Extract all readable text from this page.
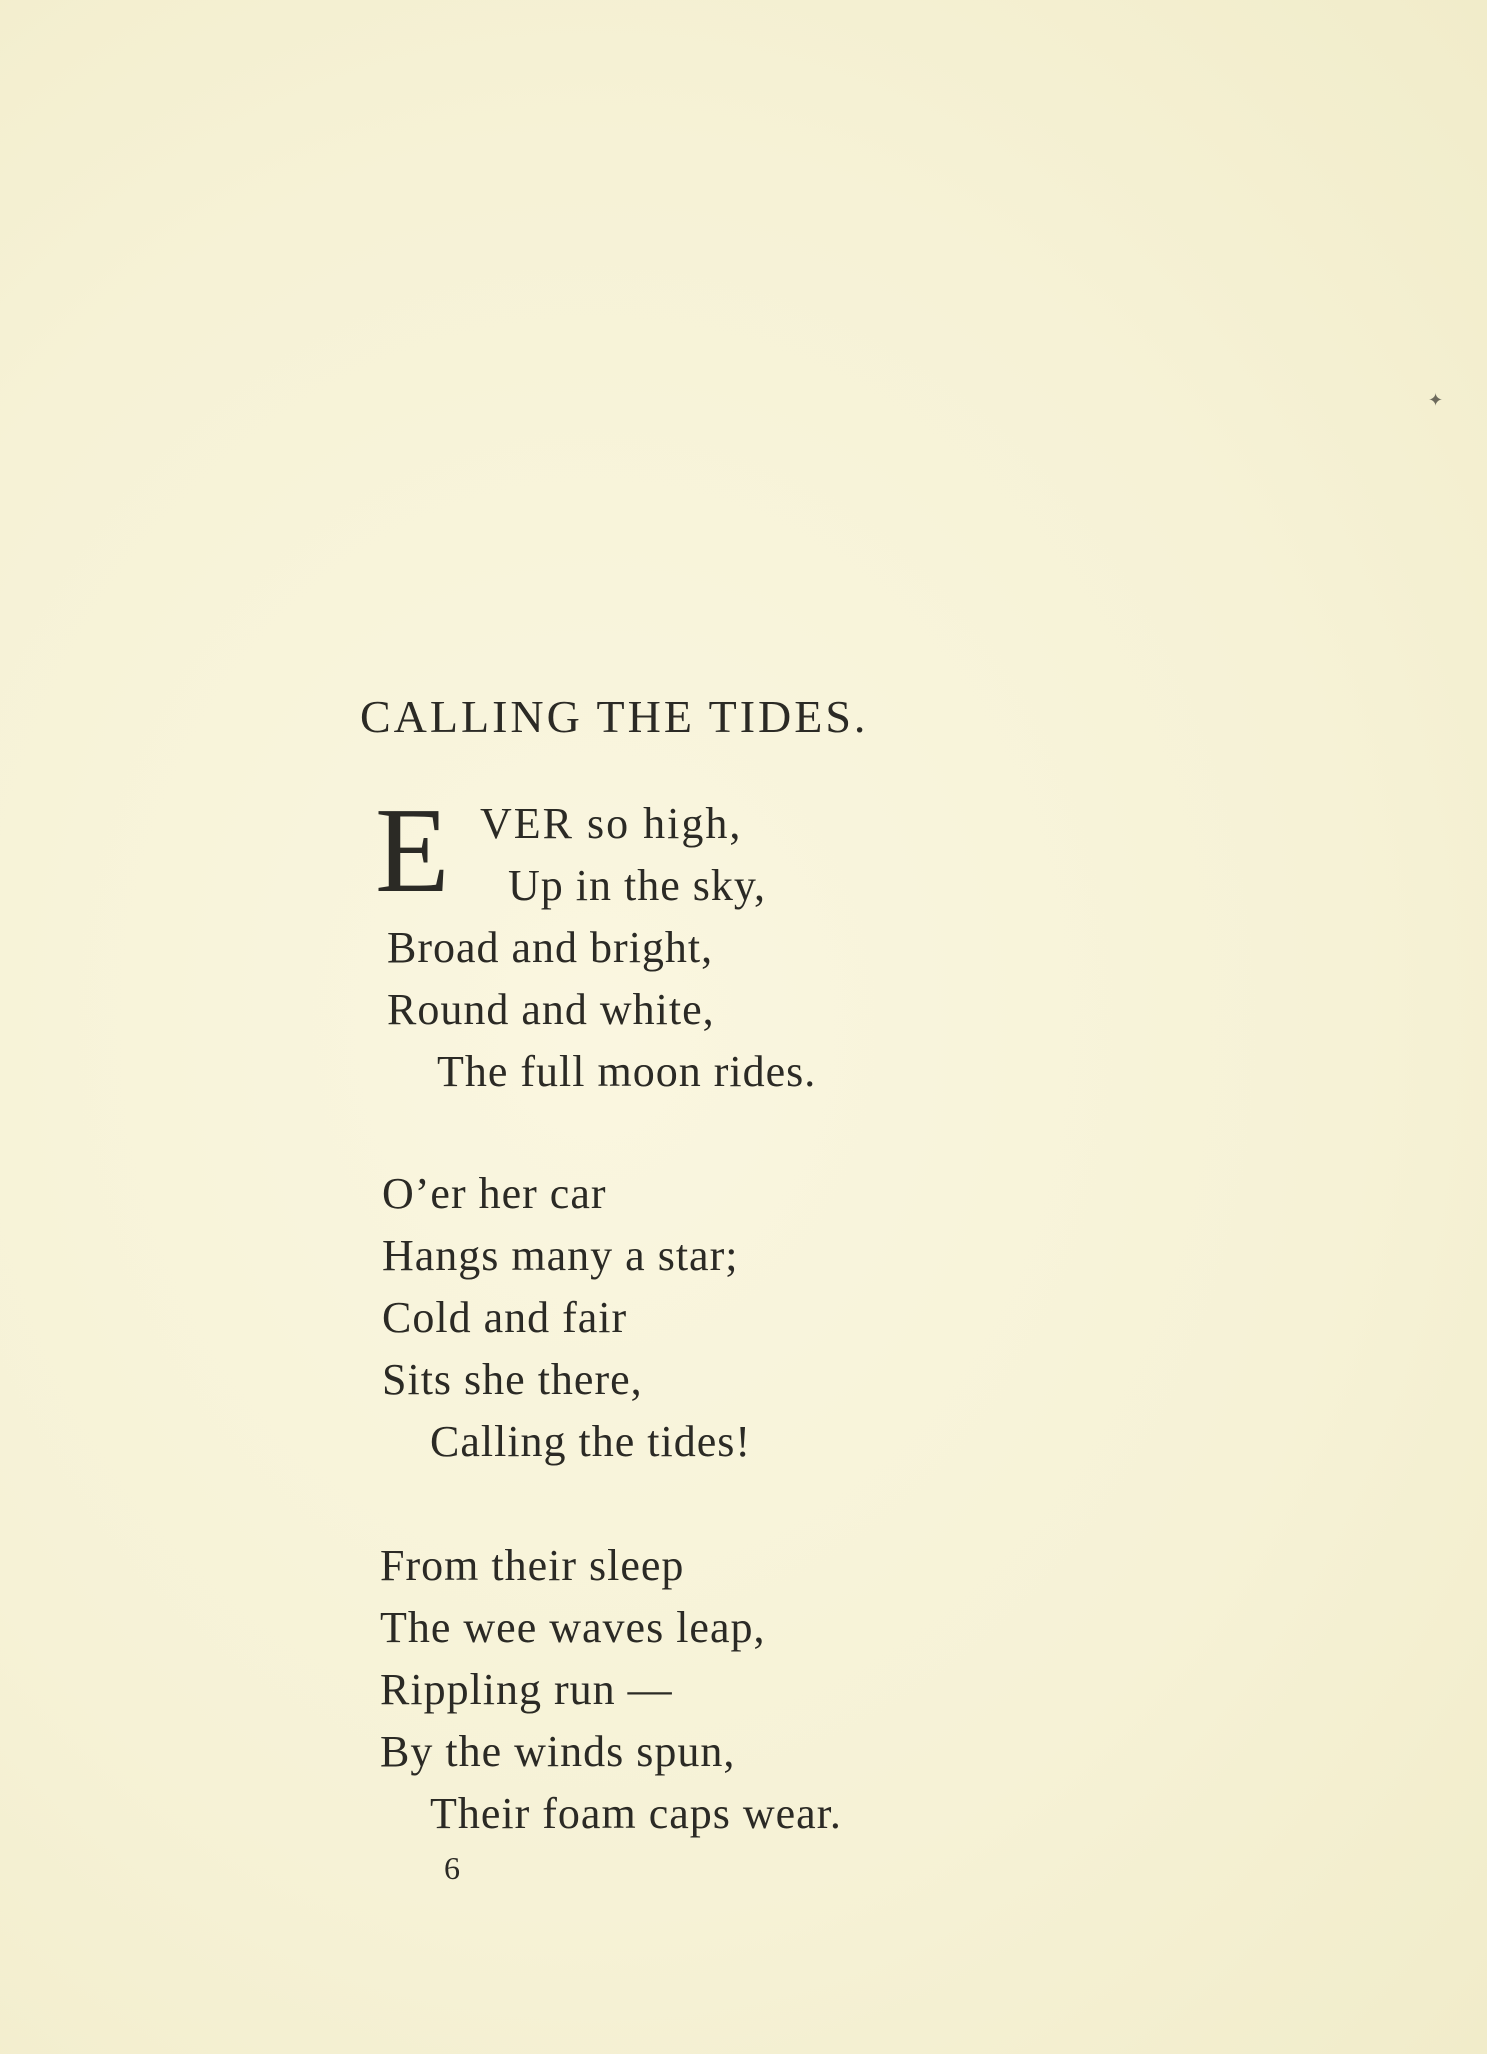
✦
CALLING THE TIDES.
E VER so high,
Up in the sky,
Broad and bright,
Round and white,
The full moon rides.
O’er her car
Hangs many a star;
Cold and fair
Sits she there,
Calling the tides!
From their sleep
The wee waves leap,
Rippling run —
By the winds spun,
Their foam caps wear.
6
